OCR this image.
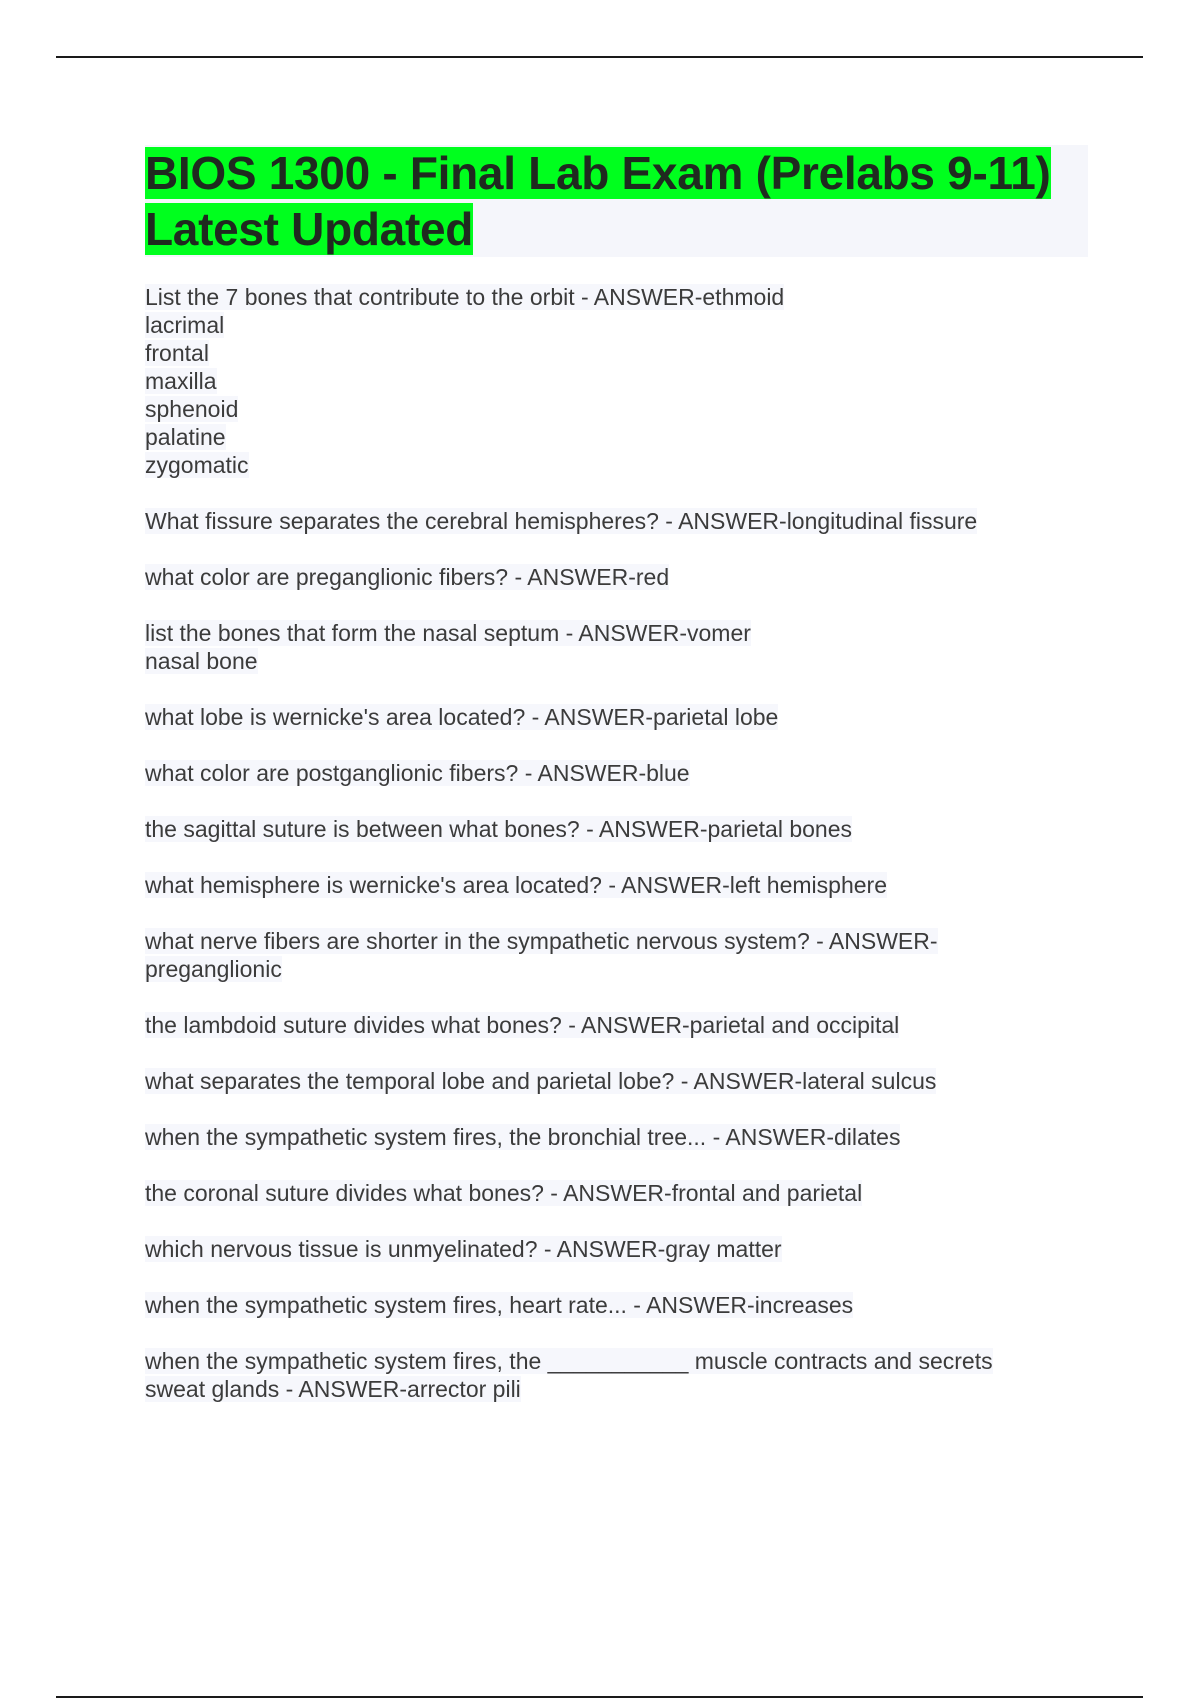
BIOS 1300 - Final Lab Exam (Prelabs 9-11) Latest Updated
List the 7 bones that contribute to the orbit - ANSWER-ethmoid
lacrimal
frontal
maxilla
sphenoid
palatine
zygomatic
What fissure separates the cerebral hemispheres? - ANSWER-longitudinal fissure
what color are preganglionic fibers? - ANSWER-red
list the bones that form the nasal septum - ANSWER-vomer
nasal bone
what lobe is wernicke's area located? - ANSWER-parietal lobe
what color are postganglionic fibers? - ANSWER-blue
the sagittal suture is between what bones? - ANSWER-parietal bones
what hemisphere is wernicke's area located? - ANSWER-left hemisphere
what nerve fibers are shorter in the sympathetic nervous system? - ANSWER-
preganglionic
the lambdoid suture divides what bones? - ANSWER-parietal and occipital
what separates the temporal lobe and parietal lobe? - ANSWER-lateral sulcus
when the sympathetic system fires, the bronchial tree... - ANSWER-dilates
the coronal suture divides what bones? - ANSWER-frontal and parietal
which nervous tissue is unmyelinated? - ANSWER-gray matter
when the sympathetic system fires, heart rate... - ANSWER-increases
when the sympathetic system fires, the ___________ muscle contracts and secrets
sweat glands - ANSWER-arrector pili
